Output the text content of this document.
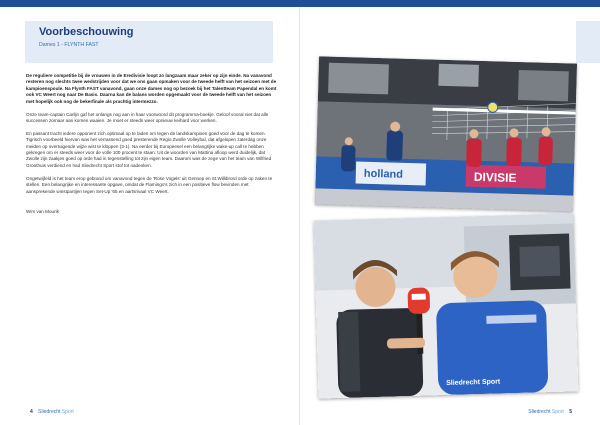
Voorbeschouwing
Dames 1 - FLYNTH FAST

De reguliere competitie bij de vrouwen in de Eredivisie loopt zo langzaam maar zeker op zijn einde. Na vanavond resteren nog slechts twee wedstrijden voor dat we ons gaan opmaken voor de tweede helft van het seizoen met de kampioenspoule. Na Flynth FAST vanavond, gaan onze dames nog op bezoek bij het Talentteam Papendal en komt ook VC Weert nog naar De Basis. Daarna kan de balans worden opgemaakt voor de tweede helft van het seizoen met hopelijk ook nog de bekerfinale als prachtig intermezzo.

Onze team-captain Carlijn gaf het onlangs nog aan in haar voorwoord dit programma-boekje. Geloof vooral niet dat alle successen zomaar aan komen waaien. Je moet er steeds weer opnieuw keihard voor werken.

En passant tracht iedere opponent zich optimaal op te laden om tegen de landskampioen goed voor de dag te komen. Tigrisch voorbeeld hiervan was het verrassend goed presterende Regio Zwolle Volleybal, dat afgelopen zaterdag onze meiden op overtuigende wijze wist te kloppen (3-1). Na eerder bij Europeesel een belangrijke wake-up call te hebben gekregen om er steeds weer voor de volle 100 procent te staan. Uit de woorden van Mattina afloop werd duidelijk, dat Zwolle zijn zaakjes goed op orde had in tegenstelling tot zijn eigen team. Daarom was de zege van het team van Wilfried Groothuis verdiend en had Sliedrecht Sport stof tot nadenken.

Ongetwijfeld is het team erop gebrand om vanavond tegen de 'Rose Vogels' uit Gennep en St.Willibrord orde op zaken te stellen. Een belangrijke en interessante opgave, omdat de Flamingo's zich in een positieve flow bevinden met aansprekende winstpartijen tegen Set-Up '65 en aartsrivaal VC Weert.

Wim van Mourik

4 Sliedrecht Sport
holland	DIVISIE
Sliedrecht Sport
Sliedrecht Sport 5
